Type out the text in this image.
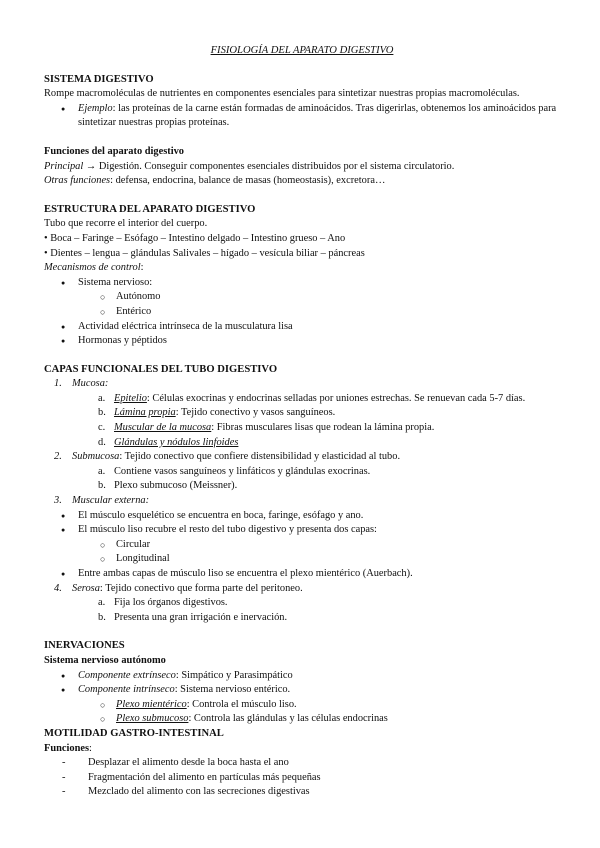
FISIOLOGÍA DEL APARATO DIGESTIVO
SISTEMA DIGESTIVO

Rompe macromoléculas de nutrientes en componentes esenciales para sintetizar nuestras propias macromoléculas.

● Ejemplo: las proteínas de la carne están formadas de aminoácidos. Tras digerirlas, obtenemos los aminoácidos para sintetizar nuestras propias proteínas.
Funciones del aparato digestivo

Principal → Digestión. Conseguir componentes esenciales distribuidos por el sistema circulatorio.

Otras funciones: defensa, endocrina, balance de masas (homeostasis), excretora…

ESTRUCTURA DEL APARATO DIGESTIVO

Tubo que recorre el interior del cuerpo.

• Boca – Faringe – Esófago – Intestino delgado – Intestino grueso – Ano

• Dientes – lengua – glándulas Salivales – hígado – vesícula biliar – páncreas

Mecanismos de control:

● Sistema nervioso:
○ Autónomo
○ Entérico
● Actividad eléctrica intrínseca de la musculatura lisa
● Hormonas y péptidos
CAPAS FUNCIONALES DEL TUBO DIGESTIVO
1. Mucosa:
a. Epitelio: Células exocrinas y endocrinas selladas por uniones estrechas. Se renuevan cada 5-7 días.
b. Lámina propia: Tejido conectivo y vasos sanguíneos.
c. Muscular de la mucosa: Fibras musculares lisas que rodean la lámina propia.
d. Glándulas y nódulos linfoides
2. Submucosa: Tejido conectivo que confiere distensibilidad y elasticidad al tubo.
a. Contiene vasos sanguíneos y linfáticos y glándulas exocrinas.
b. Plexo submucoso (Meissner).
3. Muscular externa:
● El músculo esquelético se encuentra en boca, faringe, esófago y ano.
● El músculo liso recubre el resto del tubo digestivo y presenta dos capas:
○ Circular
○ Longitudinal
● Entre ambas capas de músculo liso se encuentra el plexo mientérico (Auerbach).
4. Serosa: Tejido conectivo que forma parte del peritoneo.
a. Fija los órganos digestivos.
b. Presenta una gran irrigación e inervación.
INERVACIONES
Sistema nervioso autónomo
● Componente extrínseco: Simpático y Parasimpático
● Componente intrínseco: Sistema nervioso entérico.
○ Plexo mientérico: Controla el músculo liso.
○ Plexo submucoso: Controla las glándulas y las células endocrinas
MOTILIDAD GASTRO-INTESTINAL

Funciones:

- Desplazar el alimento desde la boca hasta el ano
- Fragmentación del alimento en partículas más pequeñas
- Mezclado del alimento con las secreciones digestivas
